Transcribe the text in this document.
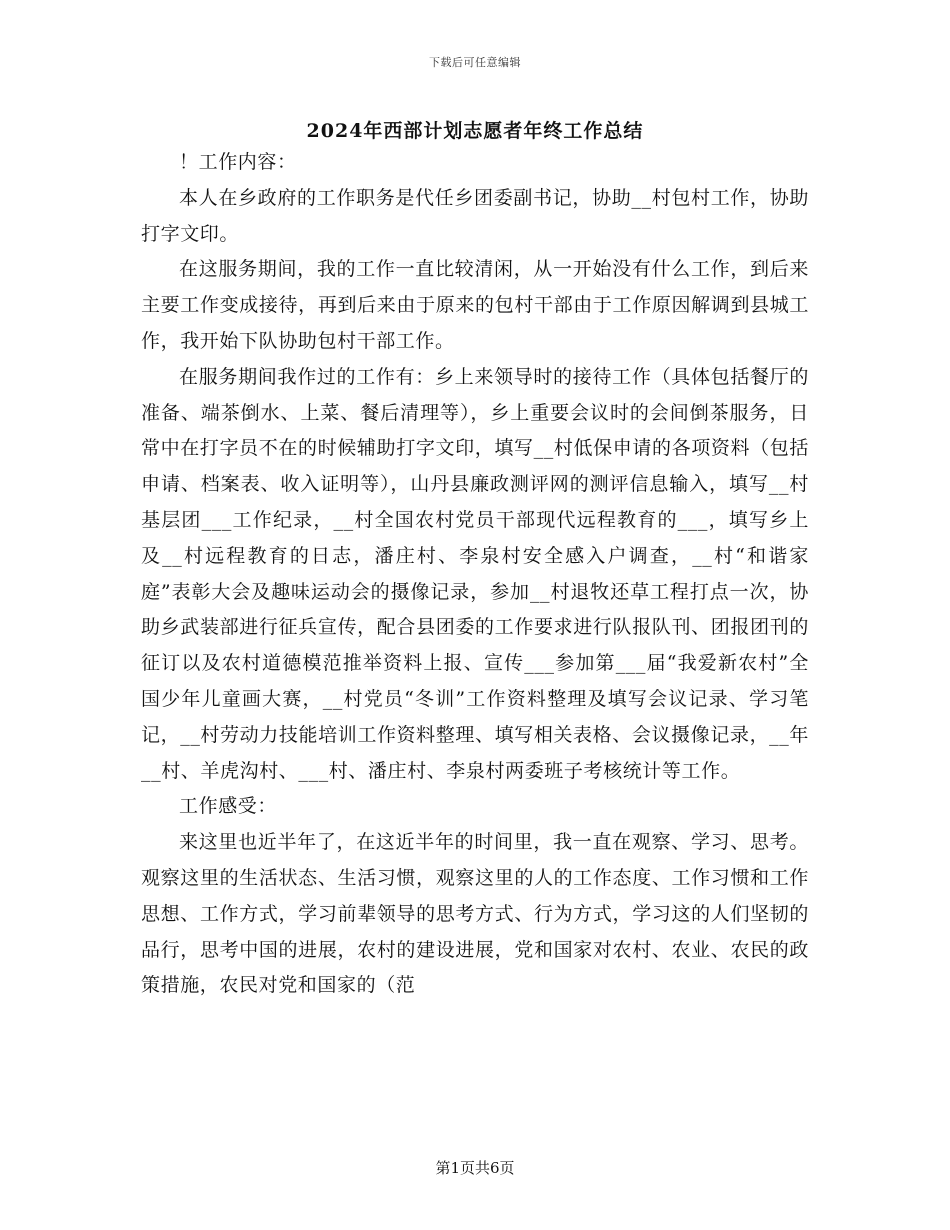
下载后可任意编辑
2024年西部计划志愿者年终工作总结

！工作内容：

本人在乡政府的工作职务是代任乡团委副书记，协助__村包村工作，协助打字文印。

在这服务期间，我的工作一直比较清闲，从一开始没有什么工作，到后来主要工作变成接待，再到后来由于原来的包村干部由于工作原因解调到县城工作，我开始下队协助包村干部工作。

在服务期间我作过的工作有：乡上来领导时的接待工作（具体包括餐厅的准备、端茶倒水、上菜、餐后清理等），乡上重要会议时的会间倒茶服务，日常中在打字员不在的时候辅助打字文印，填写__村低保申请的各项资料（包括申请、档案表、收入证明等），山丹县廉政测评网的测评信息输入，填写__村基层团___工作纪录，__村全国农村党员干部现代远程教育的___，填写乡上及__村远程教育的日志，潘庄村、李泉村安全感入户调查，__村“和谐家庭”表彰大会及趣味运动会的摄像记录，参加__村退牧还草工程打点一次，协助乡武装部进行征兵宣传，配合县团委的工作要求进行队报队刊、团报团刊的征订以及农村道德模范推举资料上报、宣传___参加第___届“我爱新农村”全国少年儿童画大赛，__村党员“冬训”工作资料整理及填写会议记录、学习笔记，__村劳动力技能培训工作资料整理、填写相关表格、会议摄像记录，__年__村、羊虎沟村、___村、潘庄村、李泉村两委班子考核统计等工作。

工作感受：

来这里也近半年了，在这近半年的时间里，我一直在观察、学习、思考。观察这里的生活状态、生活习惯，观察这里的人的工作态度、工作习惯和工作思想、工作方式，学习前辈领导的思考方式、行为方式，学习这的人们坚韧的品行，思考中国的进展，农村的建设进展，党和国家对农村、农业、农民的政策措施，农民对党和国家的（范

第1页共6页
